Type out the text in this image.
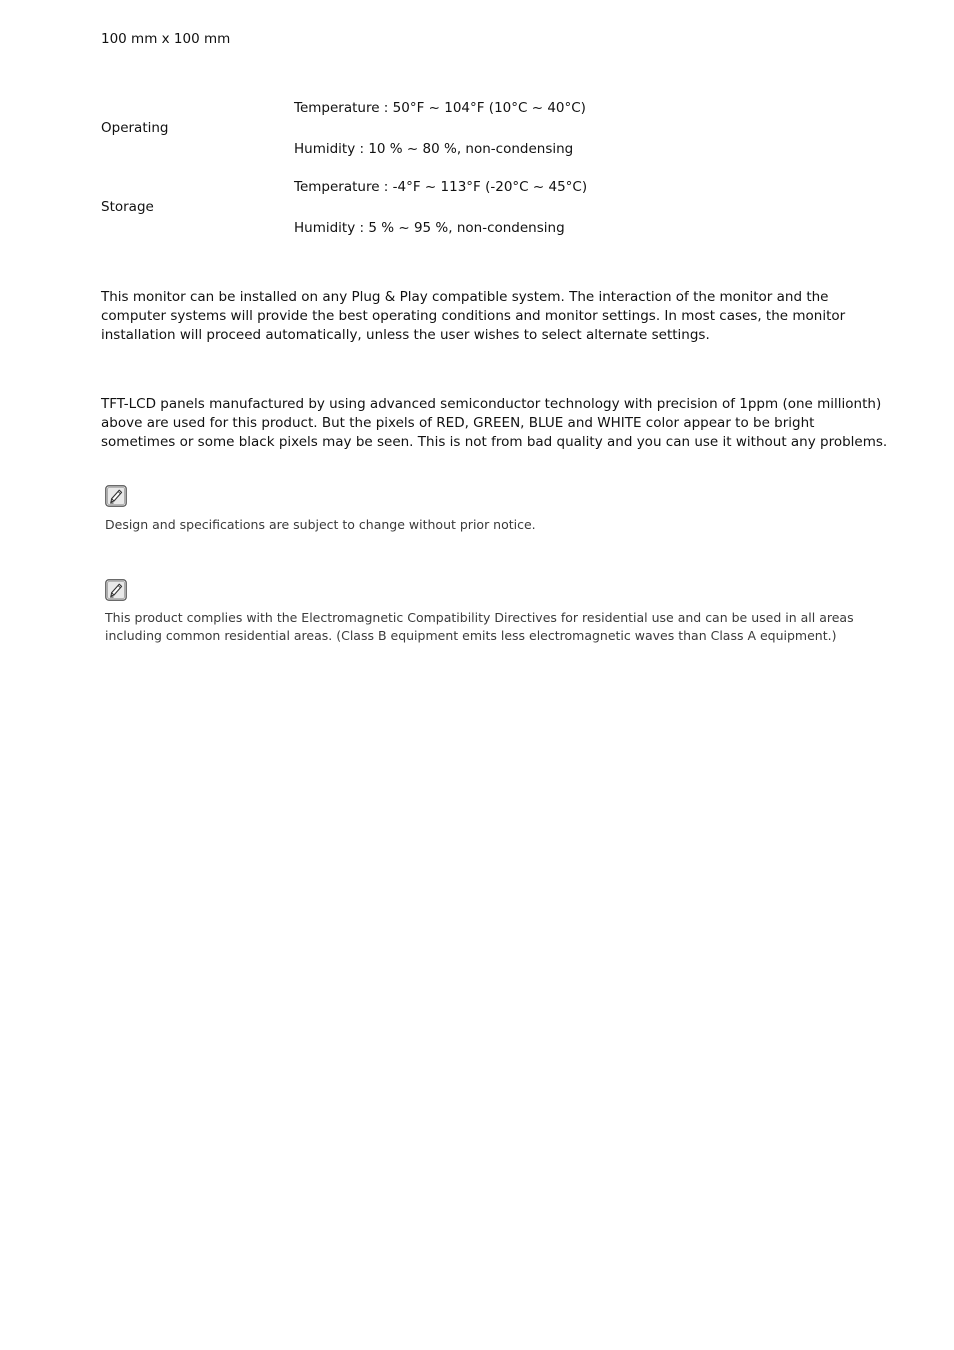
100 mm x 100 mm
Operating
Temperature : 50°F ~ 104°F (10°C ~ 40°C)
Humidity : 10 % ~ 80 %, non-condensing
Storage
Temperature : -4°F ~ 113°F (-20°C ~ 45°C)
Humidity : 5 % ~ 95 %, non-condensing
This monitor can be installed on any Plug & Play compatible system. The interaction of the monitor and the
computer systems will provide the best operating conditions and monitor settings. In most cases, the monitor
installation will proceed automatically, unless the user wishes to select alternate settings.
TFT-LCD panels manufactured by using advanced semiconductor technology with precision of 1ppm (one millionth)
above are used for this product. But the pixels of RED, GREEN, BLUE and WHITE color appear to be bright
sometimes or some black pixels may be seen. This is not from bad quality and you can use it without any problems.
Design and specifications are subject to change without prior notice.
This product complies with the Electromagnetic Compatibility Directives for residential use and can be used in all areas
including common residential areas. (Class B equipment emits less electromagnetic waves than Class A equipment.)
